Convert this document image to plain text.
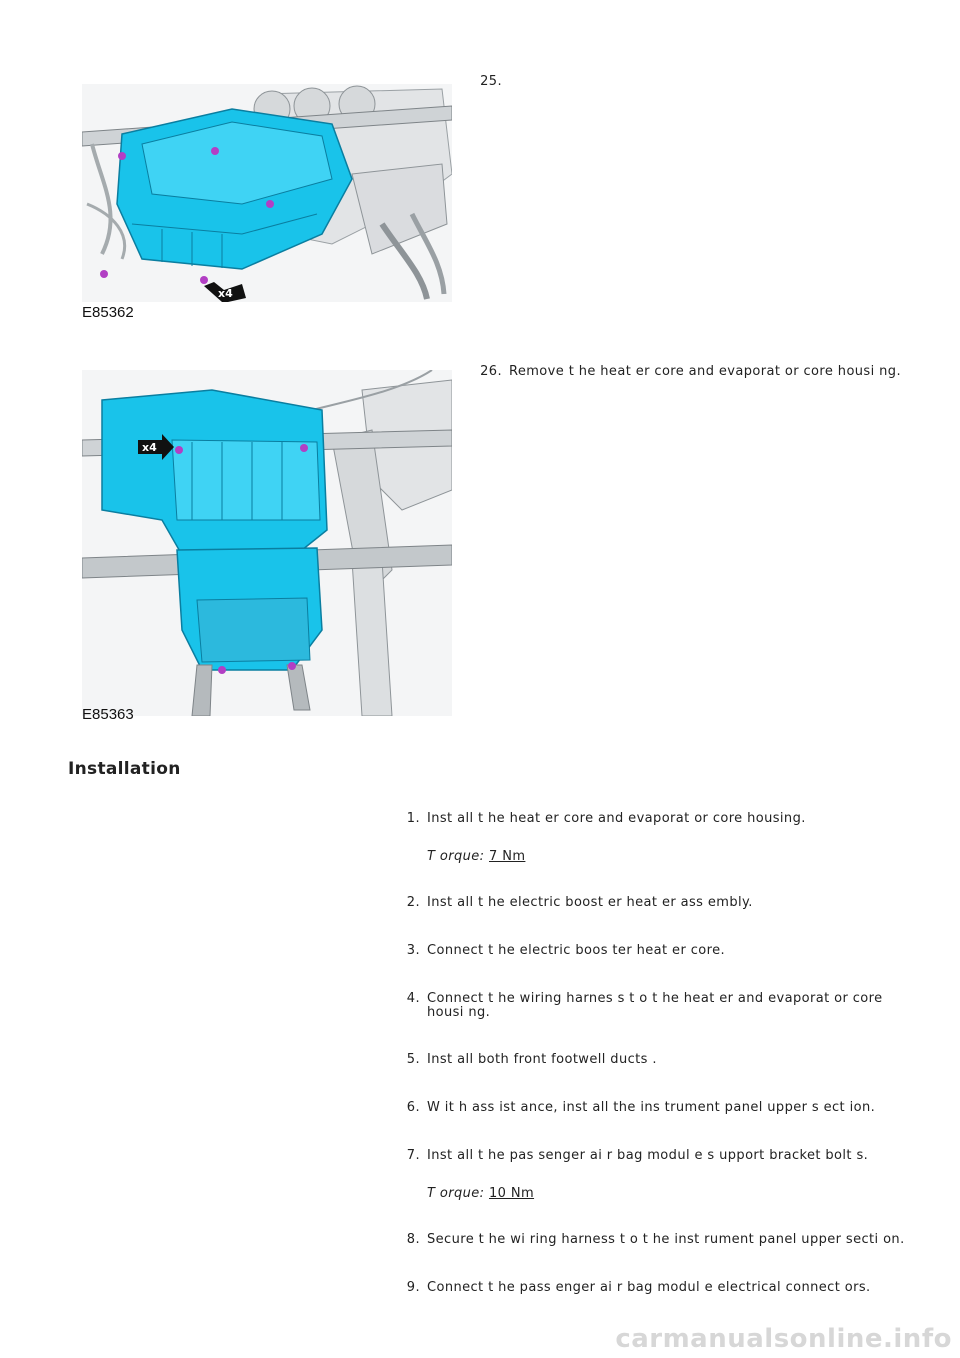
x4
E85362
25.
26. Remove t he heat er core and evaporat or core housi ng.
x4
E85363
Installation
1. Inst all t he heat er core and evaporat or core housing.
T orque: 7 Nm
2. Inst all t he electric boost er heat er ass embly.
3. Connect t he electric boos ter heat er core.
4. Connect t he wiring harnes s t o t he heat er and evaporat or core
housi ng.
5. Inst all both front footwell ducts .
6. W it h ass ist ance, inst all the ins trument panel upper s ect ion.
7. Inst all t he pas senger ai r bag modul e s upport bracket bolt s.
T orque: 10 Nm
8. Secure t he wi ring harness t o t he inst rument panel upper secti on.
9. Connect t he pass enger ai r bag modul e electrical connect ors.
carmanualsonline.info
